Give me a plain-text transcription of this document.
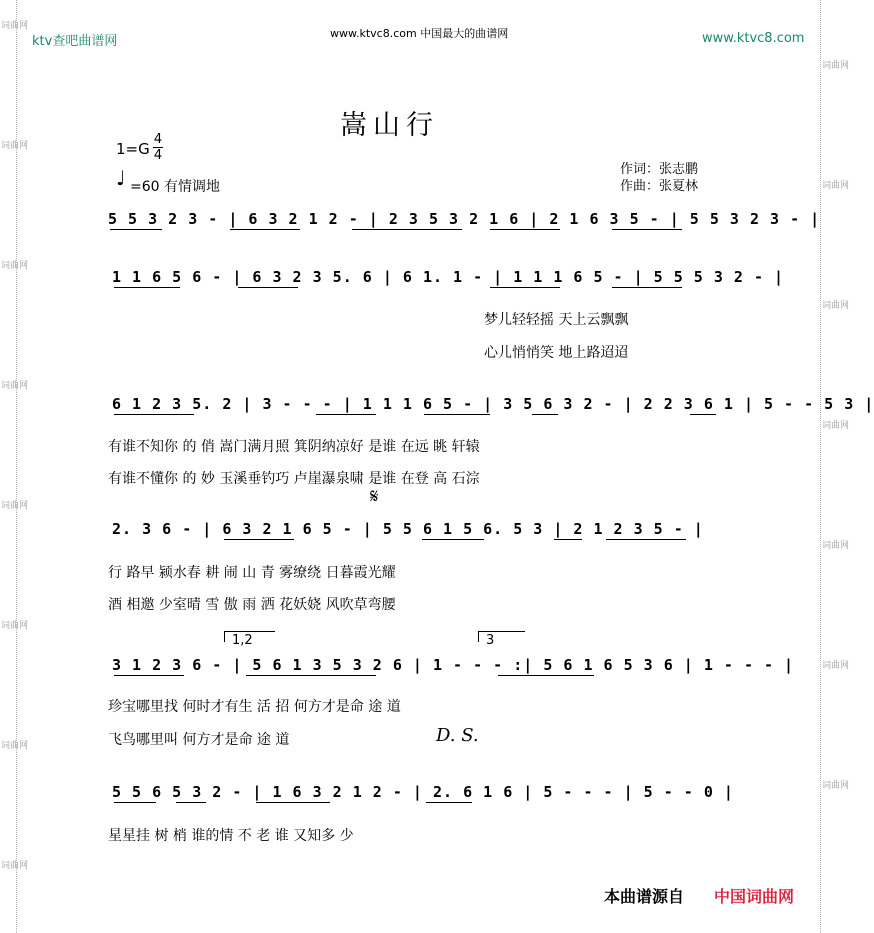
词曲网
词曲网
词曲网
词曲网
词曲网
词曲网
词曲网
词曲网
词曲网
词曲网
词曲网
词曲网
词曲网
词曲网
词曲网
ktv查吧曲谱网
www.ktvc8.com 中国最大的曲谱网	www.ktvc8.com
嵩山行
1=G
4
4
♩ =60 有情调地
作词：张志鹏
作曲：张夏林
5 5 3 2 3 - | 6 3 2 1 2 - | 2 3 5 3 2 1 6 | 2 1 6 3 5 - | 5 5 3 2 3 - |
1 1 6 5 6 - | 6 3 2 3 5. 6 | 6 1. 1 - | 1 1 1 6 5 - | 5 5 5 3 2 - |
梦儿轻轻摇 天上云飘飘
心儿悄悄笑 地上路迢迢
6 1 2 3 5. 2 | 3 - - - | 1 1 1 6 5 - | 3 5 6 3 2 - | 2 2 3 6 1 | 5 - - 5 3 |
有谁不知你 的 俏 嵩门满月照 箕阴纳凉好 是谁 在远 眺 轩辕
有谁不懂你 的 妙 玉溪垂钓巧 卢崖瀑泉啸 是谁 在登 高 石淙
𝄋
2. 3 6 - | 6 3 2 1 6 5 - | 5 5 6 1 5 6. 5 3 | 2 1 2 3 5 - |
行 路早 颍水春 耕 闹 山 青 雾缭绕 日暮霞光耀
酒 相邀 少室晴 雪 傲 雨 洒 花妖娆 风吹草弯腰
1,2	3
3 1 2 3 6 - | 5 6 1 3 5 3 2 6 | 1 - - - :| 5 6 1 6 5 3 6 | 1 - - - |
珍宝哪里找 何时才有生 活 招 何方才是命 途 道
飞鸟哪里叫 何方才是命 途 道	D. S.
5 5 6 5 3 2 - | 1 6 3 2 1 2 - | 2. 6 1 6 | 5 - - - | 5 - - 0 |
星星挂 树 梢 谁的情 不 老 谁 又知多 少
本曲谱源自 中国词曲网
